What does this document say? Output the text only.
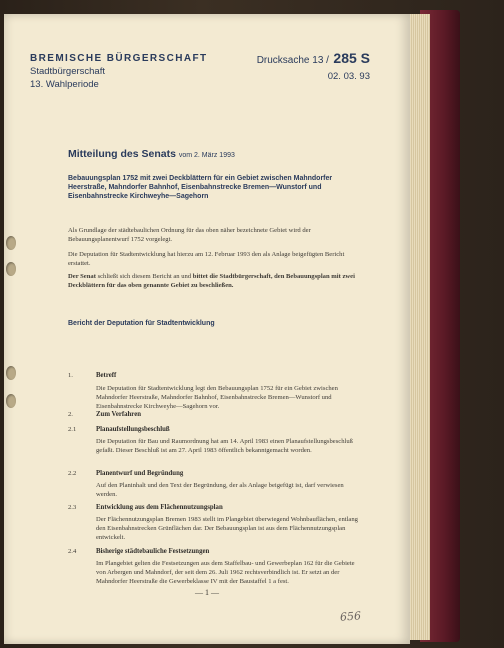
BREMISCHE BÜRGERSCHAFT
Stadtbürgerschaft
13. Wahlperiode
Drucksache 13 / 285 S
02. 03. 93
Mitteilung des Senats vom 2. März 1993
Bebauungsplan 1752 mit zwei Deckblättern für ein Gebiet zwischen Mahndorfer Heerstraße, Mahndorfer Bahnhof, Eisenbahnstrecke Bremen—Wunstorf und Eisenbahnstrecke Kirchweyhe—Sagehorn
Als Grundlage der städtebaulichen Ordnung für das oben näher bezeichnete Gebiet wird der Bebauungsplanentwurf 1752 vorgelegt.
Die Deputation für Stadtentwicklung hat hierzu am 12. Februar 1993 den als Anlage beigefügten Bericht erstattet.
Der Senat schließt sich diesem Bericht an und bittet die Stadtbürgerschaft, den Bebauungsplan mit zwei Deckblättern für das oben genannte Gebiet zu beschließen.
Bericht der Deputation für Stadtentwicklung
1.	Betreff
Die Deputation für Stadtentwicklung legt den Bebauungsplan 1752 für ein Gebiet zwischen Mahndorfer Heerstraße, Mahndorfer Bahnhof, Eisenbahnstrecke Bremen—Wunstorf und Eisenbahnstrecke Kirchweyhe—Sagehorn vor.
2.	Zum Verfahren
2.1	Planaufstellungsbeschluß
Die Deputation für Bau und Raumordnung hat am 14. April 1983 einen Planaufstellungsbeschluß gefaßt. Dieser Beschluß ist am 27. April 1983 öffentlich bekanntgemacht worden.
2.2	Planentwurf und Begründung
Auf den Planinhalt und den Text der Begründung, der als Anlage beigefügt ist, darf verwiesen werden.
2.3	Entwicklung aus dem Flächennutzungsplan
Der Flächennutzungsplan Bremen 1983 stellt im Plangebiet überwiegend Wohnbauflächen, entlang den Eisenbahnstrecken Grünflächen dar. Der Bebauungsplan ist aus dem Flächennutzungsplan entwickelt.
2.4	Bisherige städtebauliche Festsetzungen
Im Plangebiet gelten die Festsetzungen aus dem Staffelbau- und Gewerbeplan 162 für die Gebiete von Arbergen und Mahndorf, der seit dem 26. Juli 1962 rechtsverbindlich ist. Er setzt an der Mahndorfer Heerstraße die Gewerbeklasse IV mit der Baustaffel 1 a fest.
— 1 —
656
